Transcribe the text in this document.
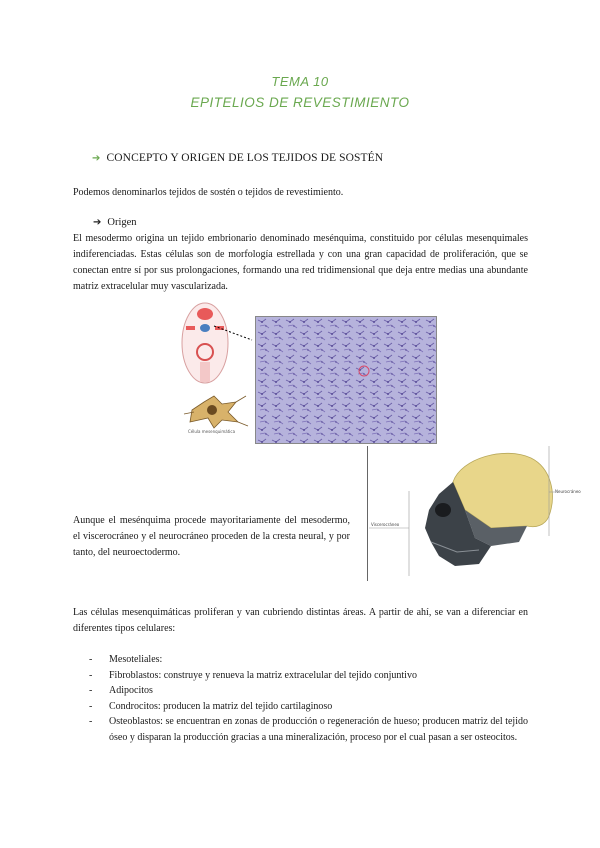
TEMA 10
EPITELIOS DE REVESTIMIENTO
➔ CONCEPTO Y ORIGEN DE LOS TEJIDOS DE SOSTÉN

Podemos denominarlos tejidos de sostén o tejidos de revestimiento.

➔ Origen

El mesodermo origina un tejido embrionario denominado mesénquima, constituido por células mesenquimales indiferenciadas. Estas células son de morfología estrellada y con una gran capacidad de proliferación, que se conectan entre sí por sus prolongaciones, formando una red tridimensional que deja entre medias una abundante matriz extracelular muy vascularizada.

Célula mesenquimática
Neurocráneo
Viscerocráneo

Aunque el mesénquima procede mayoritariamente del mesodermo, el viscerocráneo y el neurocráneo proceden de la cresta neural, y por tanto, del neuroectodermo.

Las células mesenquimáticas proliferan y van cubriendo distintas áreas. A partir de ahí, se van a diferenciar en diferentes tipos celulares:

- Mesoteliales:
- Fibroblastos: construye y renueva la matriz extracelular del tejido conjuntivo
- Adipocitos
- Condrocitos: producen la matriz del tejido cartilaginoso
- Osteoblastos: se encuentran en zonas de producción o regeneración de hueso; producen matriz del tejido óseo y disparan la producción gracias a una mineralización, proceso por el cual pasan a ser osteocitos.
